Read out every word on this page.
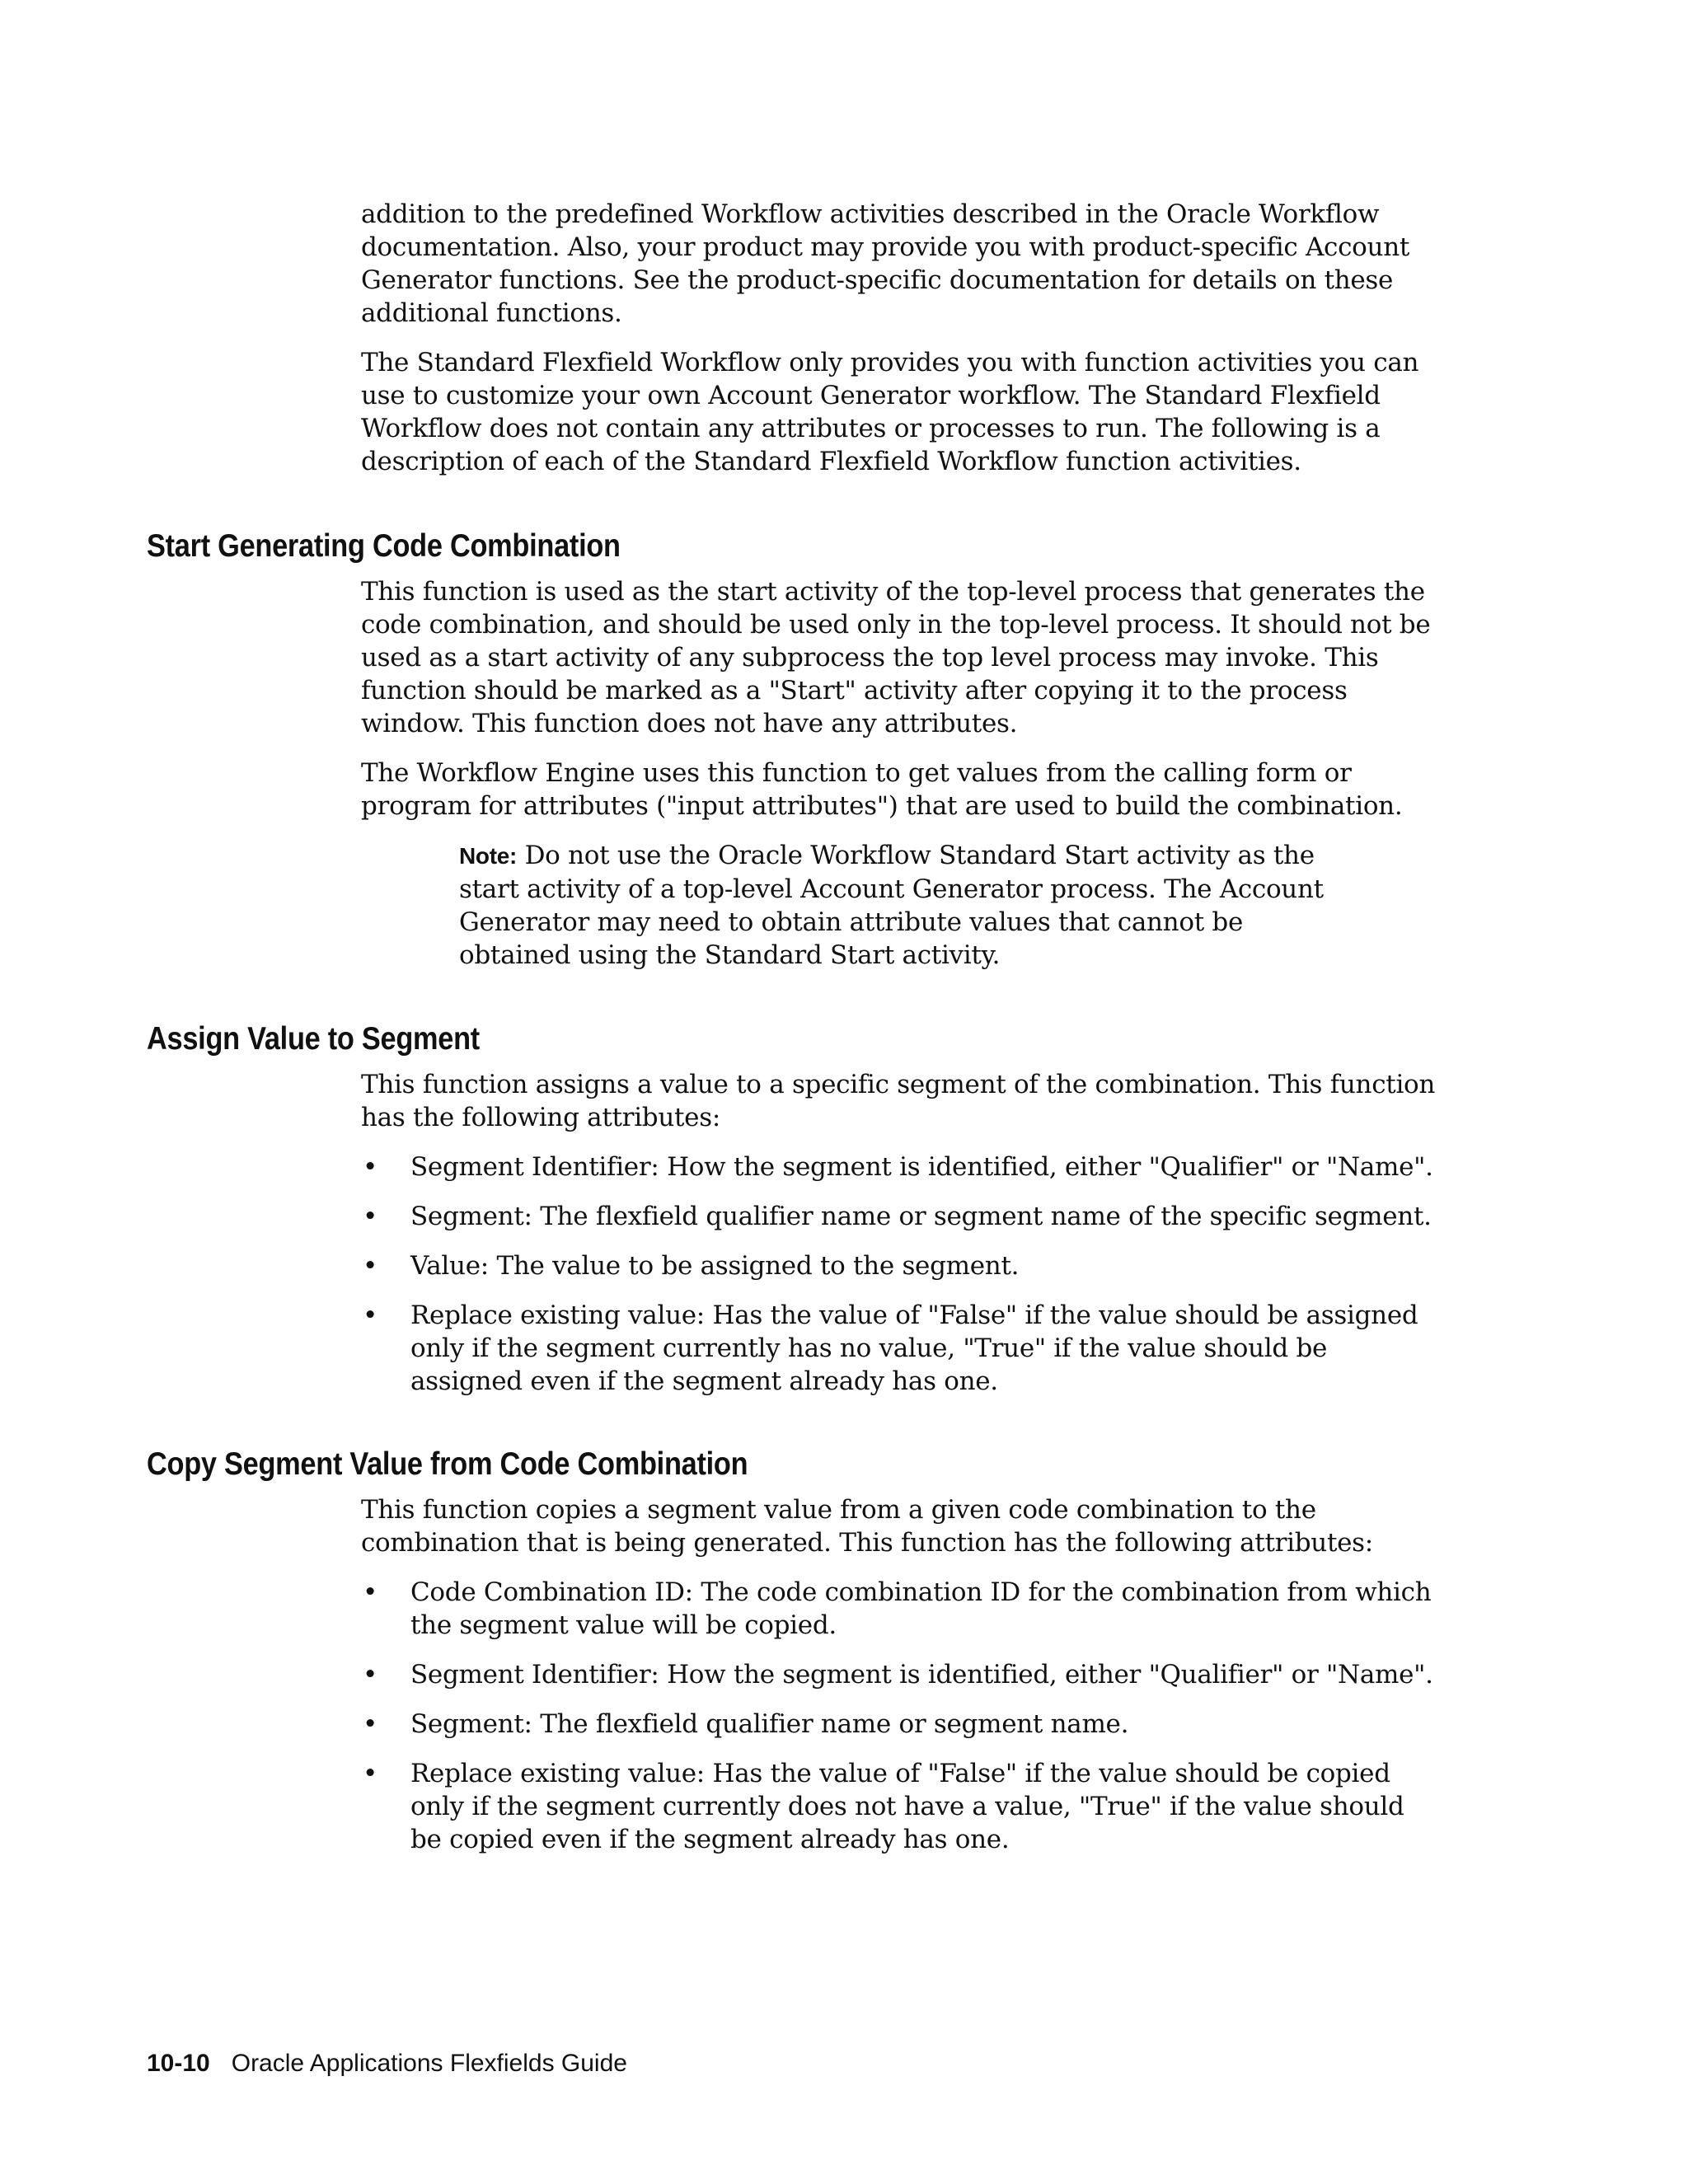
addition to the predefined Workflow activities described in the Oracle Workflow documentation. Also, your product may provide you with product-specific Account Generator functions. See the product-specific documentation for details on these additional functions.

The Standard Flexfield Workflow only provides you with function activities you can use to customize your own Account Generator workflow. The Standard Flexfield Workflow does not contain any attributes or processes to run. The following is a description of each of the Standard Flexfield Workflow function activities.

Start Generating Code Combination

This function is used as the start activity of the top-level process that generates the code combination, and should be used only in the top-level process. It should not be used as a start activity of any subprocess the top level process may invoke. This function should be marked as a "Start" activity after copying it to the process window. This function does not have any attributes.

The Workflow Engine uses this function to get values from the calling form or program for attributes ("input attributes") that are used to build the combination.

Note: Do not use the Oracle Workflow Standard Start activity as the start activity of a top-level Account Generator process. The Account Generator may need to obtain attribute values that cannot be obtained using the Standard Start activity.

Assign Value to Segment

This function assigns a value to a specific segment of the combination. This function has the following attributes:

• Segment Identifier: How the segment is identified, either "Qualifier" or "Name".

• Segment: The flexfield qualifier name or segment name of the specific segment.

• Value: The value to be assigned to the segment.

• Replace existing value: Has the value of "False" if the value should be assigned only if the segment currently has no value, "True" if the value should be assigned even if the segment already has one.

Copy Segment Value from Code Combination

This function copies a segment value from a given code combination to the combination that is being generated. This function has the following attributes:

• Code Combination ID: The code combination ID for the combination from which the segment value will be copied.

• Segment Identifier: How the segment is identified, either "Qualifier" or "Name".

• Segment: The flexfield qualifier name or segment name.

• Replace existing value: Has the value of "False" if the value should be copied only if the segment currently does not have a value, "True" if the value should be copied even if the segment already has one.

10-10 Oracle Applications Flexfields Guide
